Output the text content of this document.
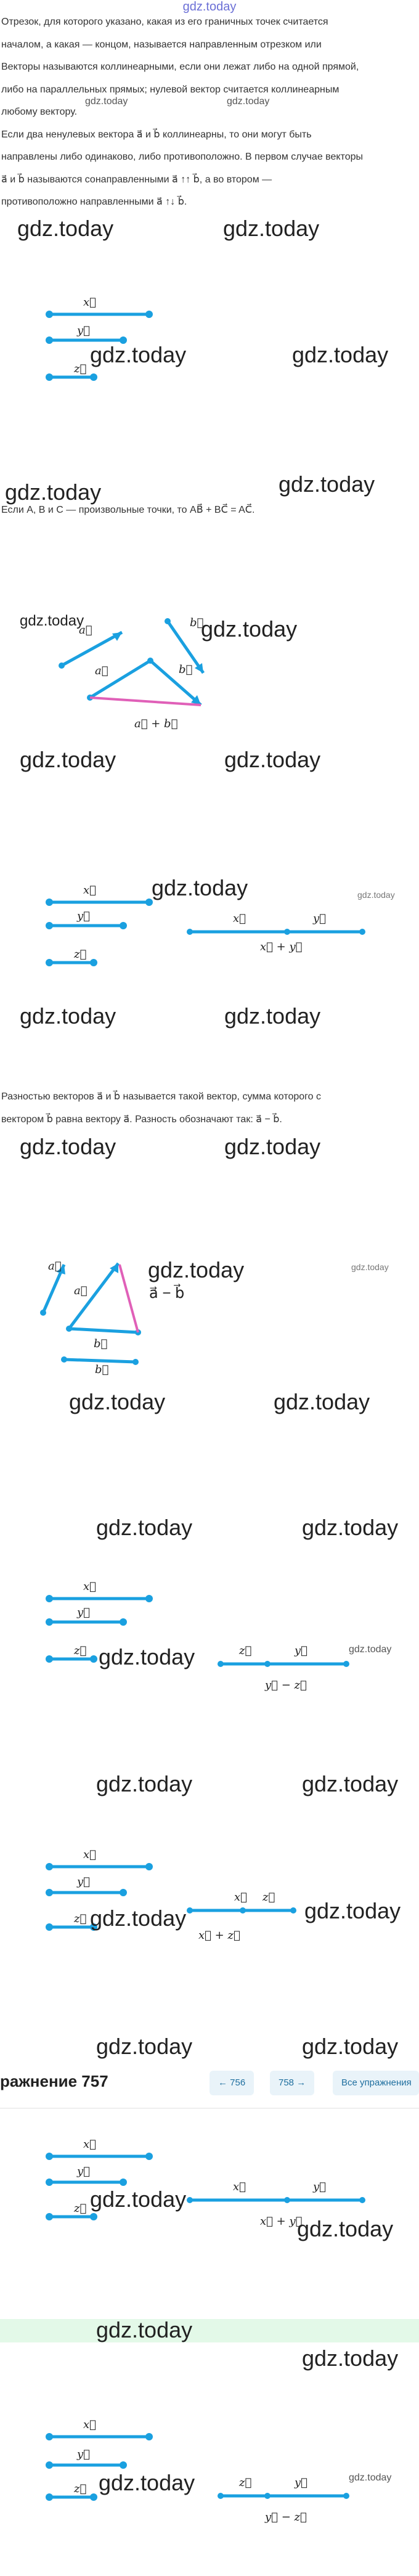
gdz.today
Отрезок, для которого указано, какая из его граничных точек считается
началом, а какая — концом, называется направленным отрезком или
Векторы называются коллинеарными, если они лежат либо на одной прямой,
либо на параллельных прямых; нулевой вектор считается коллинеарным
любому вектору.
Если два ненулевых вектора a⃗ и b⃗ коллинеарны, то они могут быть
направлены либо одинаково, либо противоположно. В первом случае векторы
a⃗ и b⃗ называются сонаправленными a⃗ ↑↑ b⃗, а во втором —
противоположно направленными a⃗ ↑↓ b⃗.
gdz.today	gdz.today
gdz.today	gdz.today
x⃗
y⃗
z⃗
gdz.today	gdz.today
gdz.today	gdz.today
Если A, B и C — произвольные точки, то AB⃗ + BC⃗ = AC⃗.
a⃗
b⃗
a⃗	b⃗
a⃗ + b⃗
gdz.today	gdz.today
gdz.today	gdz.today
x⃗
y⃗
z⃗
gdz.today	gdz.today
x⃗	y⃗
x⃗ + y⃗
gdz.today	gdz.today
Разностью векторов a⃗ и b⃗ называется такой вектор, сумма которого с
вектором b⃗ равна вектору a⃗. Разность обозначают так: a⃗ − b⃗.
gdz.today	gdz.today
a⃗
a⃗
b⃗
b⃗
gdz.today
a⃗ − b⃗
gdz.today
gdz.today	gdz.today
gdz.today	gdz.today
x⃗
y⃗
z⃗ gdz.today	gdz.today
z⃗	y⃗
y⃗ − z⃗
gdz.today	gdz.today
x⃗
y⃗
z⃗ gdz.today	gdz.today
x⃗ z⃗
x⃗ + z⃗
gdz.today	gdz.today
ражнение 757	← 756	758 →	Все упражнения
x⃗
y⃗
z⃗ gdz.today	x⃗	y⃗
x⃗ + y⃗
gdz.today
gdz.today
gdz.today
x⃗
y⃗
z⃗ gdz.today	gdz.today
z⃗	y⃗
y⃗ − z⃗
